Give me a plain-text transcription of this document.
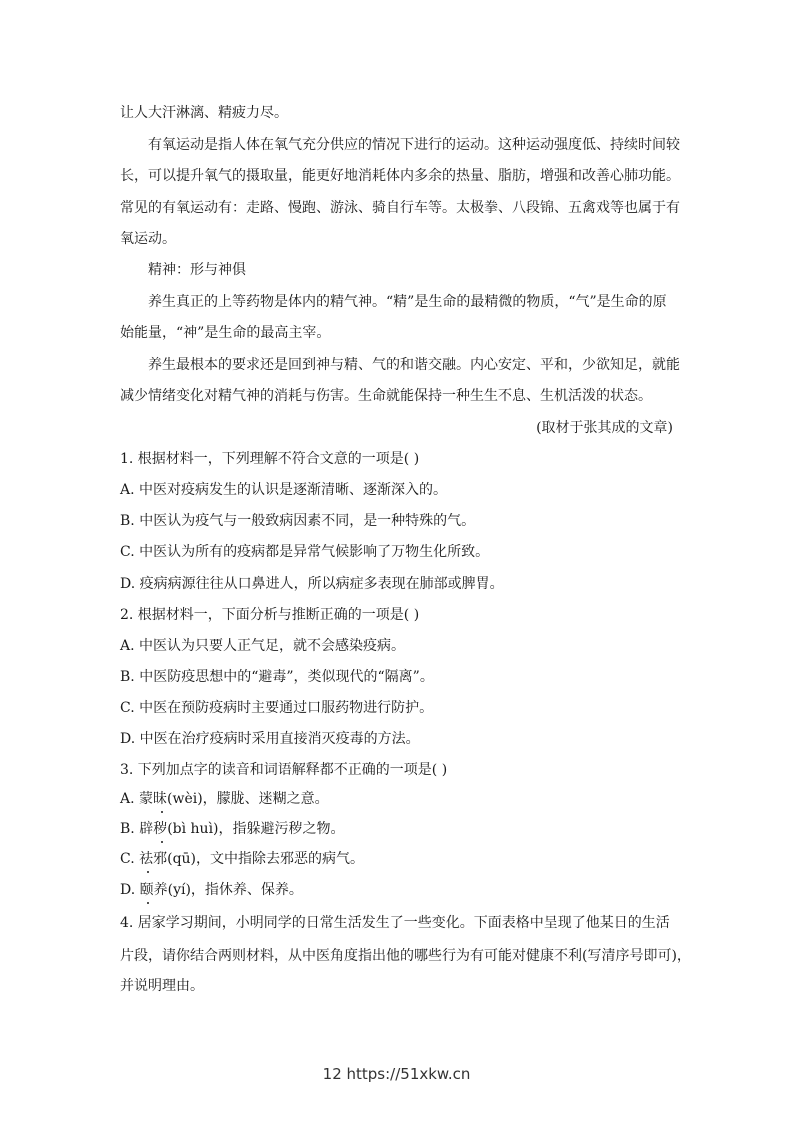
让人大汗淋漓、精疲力尽。
有氧运动是指人体在氧气充分供应的情况下进行的运动。这种运动强度低、持续时间较
长，可以提升氧气的摄取量，能更好地消耗体内多余的热量、脂肪，增强和改善心肺功能。
常见的有氧运动有：走路、慢跑、游泳、骑自行车等。太极拳、八段锦、五禽戏等也属于有
氧运动。
精神：形与神俱
养生真正的上等药物是体内的精气神。“精”是生命的最精微的物质，“气”是生命的原
始能量，“神”是生命的最高主宰。
养生最根本的要求还是回到神与精、气的和谐交融。内心安定、平和，少欲知足，就能
减少情绪变化对精气神的消耗与伤害。生命就能保持一种生生不息、生机活泼的状态。
(取材于张其成的文章)
1. 根据材料一，下列理解不符合文意的一项是( )
A. 中医对疫病发生的认识是逐渐清晰、逐渐深入的。
B. 中医认为疫气与一般致病因素不同，是一种特殊的气。
C. 中医认为所有的疫病都是异常气候影响了万物生化所致。
D. 疫病病源往往从口鼻进人，所以病症多表现在肺部或脾胃。
2. 根据材料一，下面分析与推断正确的一项是( )
A. 中医认为只要人正气足，就不会感染疫病。
B. 中医防疫思想中的“避毒”，类似现代的“隔离”。
C. 中医在预防疫病时主要通过口服药物进行防护。
D. 中医在治疗疫病时采用直接消灭疫毒的方法。
3. 下列加点字的读音和词语解释都不正确的一项是( )
A. 蒙昧(wèi)，朦胧、迷糊之意。
B. 辟秽(bì huì)，指躲避污秽之物。
C. 祛邪(qū)，文中指除去邪恶的病气。
D. 颐养(yí)，指休养、保养。
4. 居家学习期间，小明同学的日常生活发生了一些变化。下面表格中呈现了他某日的生活
片段，请你结合两则材料，从中医角度指出他的哪些行为有可能对健康不利(写清序号即可)，
并说明理由。
12 https://51xkw.cn
